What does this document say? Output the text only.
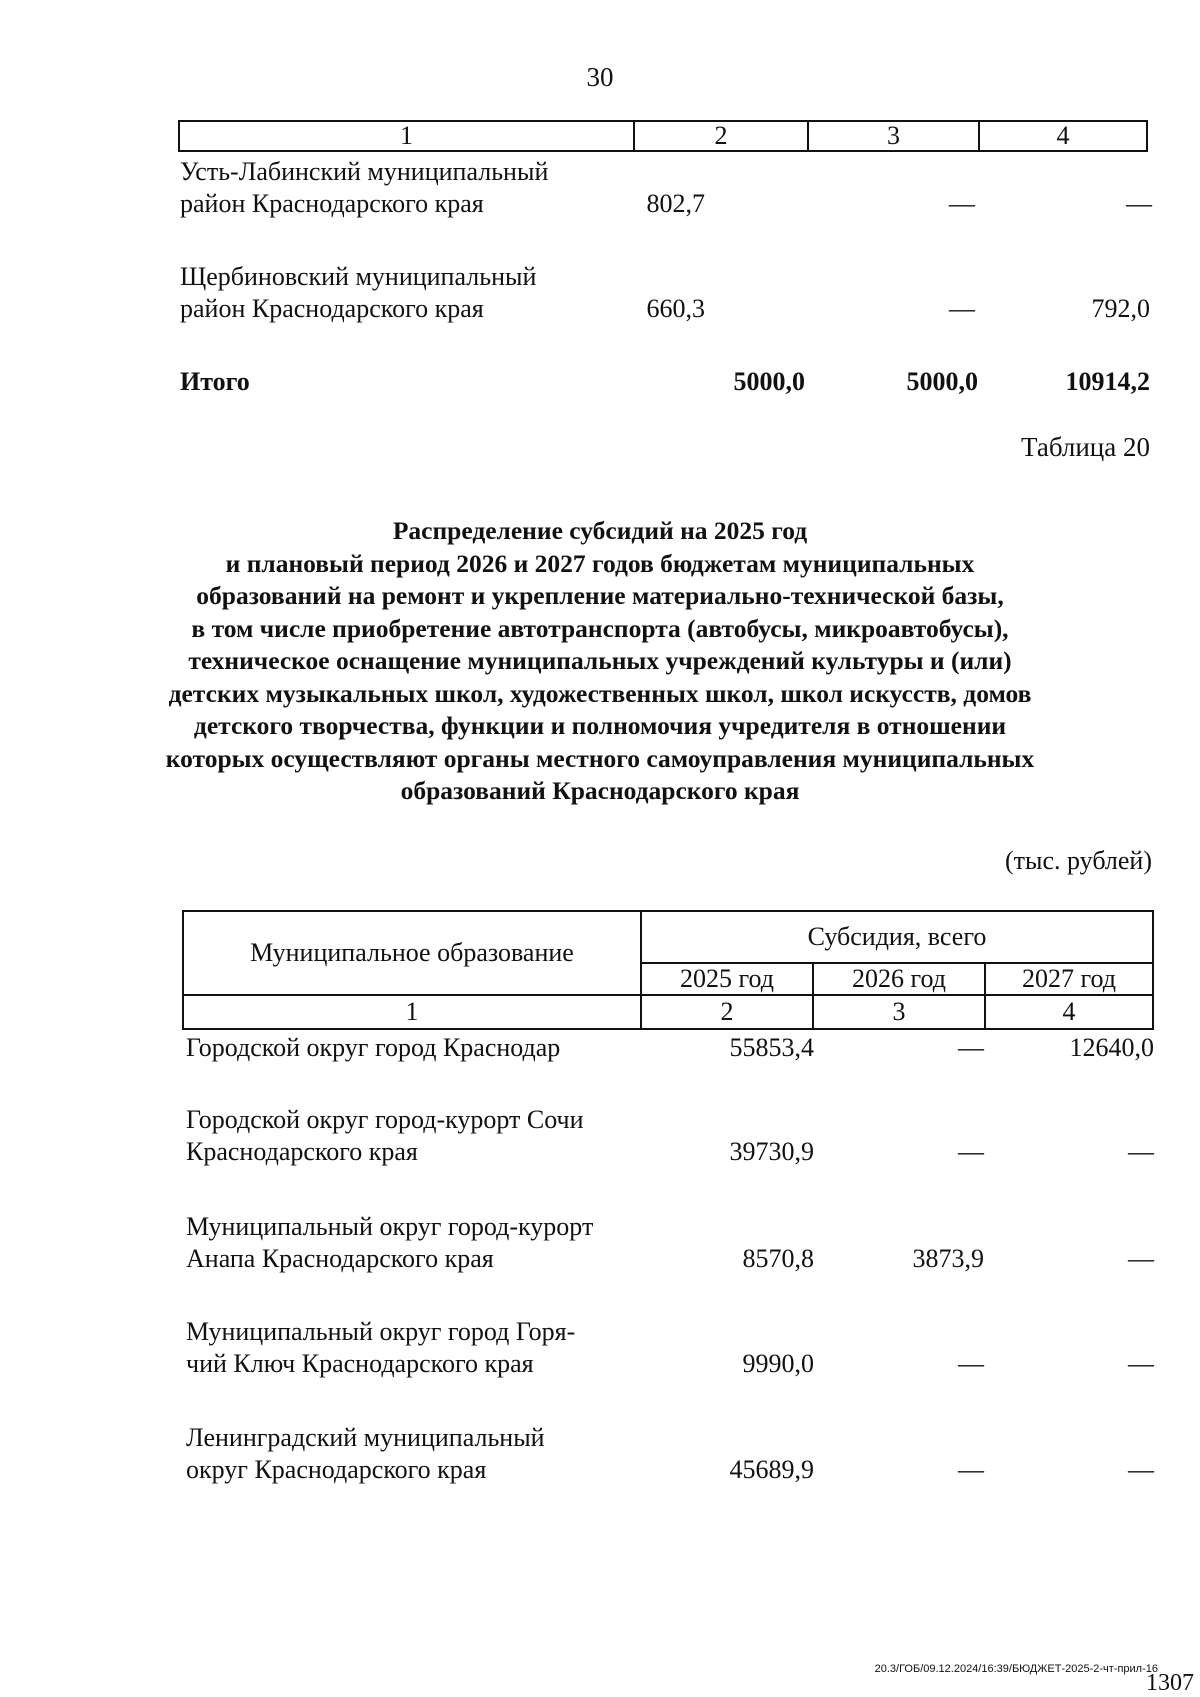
30
1	2	3	4
Усть-Лабинский муниципальный
район Краснодарского края	802,7	—	—
Щербиновский муниципальный
район Краснодарского края	660,3	—	792,0
Итого	5000,0	5000,0	10914,2
Таблица 20
Распределение субсидий на 2025 год
и плановый период 2026 и 2027 годов бюджетам муниципальных
образований на ремонт и укрепление материально-технической базы,
в том числе приобретение автотранспорта (автобусы, микроавтобусы),
техническое оснащение муниципальных учреждений культуры и (или)
детских музыкальных школ, художественных школ, школ искусств, домов
детского творчества, функции и полномочия учредителя в отношении
которых осуществляют органы местного самоуправления муниципальных
образований Краснодарского края
(тыс. рублей)
Муниципальное образование
Субсидия, всего
2025 год	2026 год	2027 год
1	2	3	4
Городской округ город Краснодар	55853,4	—	12640,0
Городской округ город-курорт Сочи
Краснодарского края	39730,9	—	—
Муниципальный округ город-курорт
Анапа Краснодарского края	8570,8	3873,9	—
Муниципальный округ город Горя-
чий Ключ Краснодарского края	9990,0	—	—
Ленинградский муниципальный
округ Краснодарского края	45689,9	—	—
20.3/ГОБ/09.12.2024/16:39/БЮДЖЕТ-2025-2-чт-прил-16
1307
